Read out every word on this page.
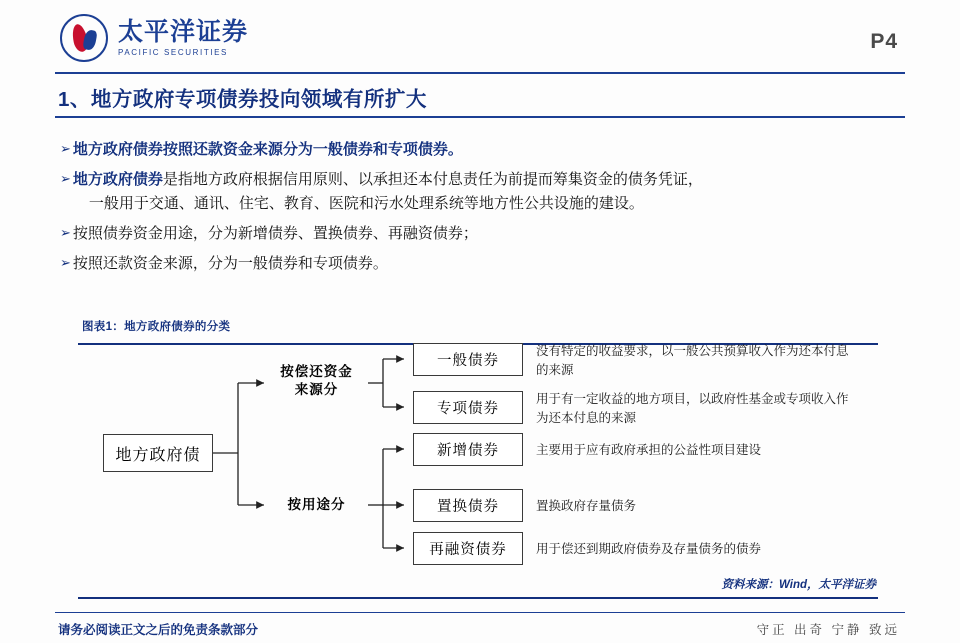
太平洋证券
PACIFIC SECURITIES	P4
1、地方政府专项债券投向领域有所扩大
➢ 地方政府债券按照还款资金来源分为一般债券和专项债券。
➢ 地方政府债券是指地方政府根据信用原则、以承担还本付息责任为前提而筹集资金的债务凭证，
一般用于交通、通讯、住宅、教育、医院和污水处理系统等地方性公共设施的建设。
➢ 按照债券资金用途，分为新增债券、置换债券、再融资债券；
➢ 按照还款资金来源，分为一般债券和专项债券。
图表1：地方政府债券的分类
地方政府债
按偿还资金
来源分
按用途分
一般债券
没有特定的收益要求，以一般公共预算收入作为还本付息的来源
专项债券
用于有一定收益的地方项目，以政府性基金或专项收入作为还本付息的来源
新增债券	主要用于应有政府承担的公益性项目建设
置换债券	置换政府存量债务
再融资债券	用于偿还到期政府债券及存量债务的债券
资料来源：Wind，太平洋证券
请务必阅读正文之后的免责条款部分	守正 出奇 宁静 致远
